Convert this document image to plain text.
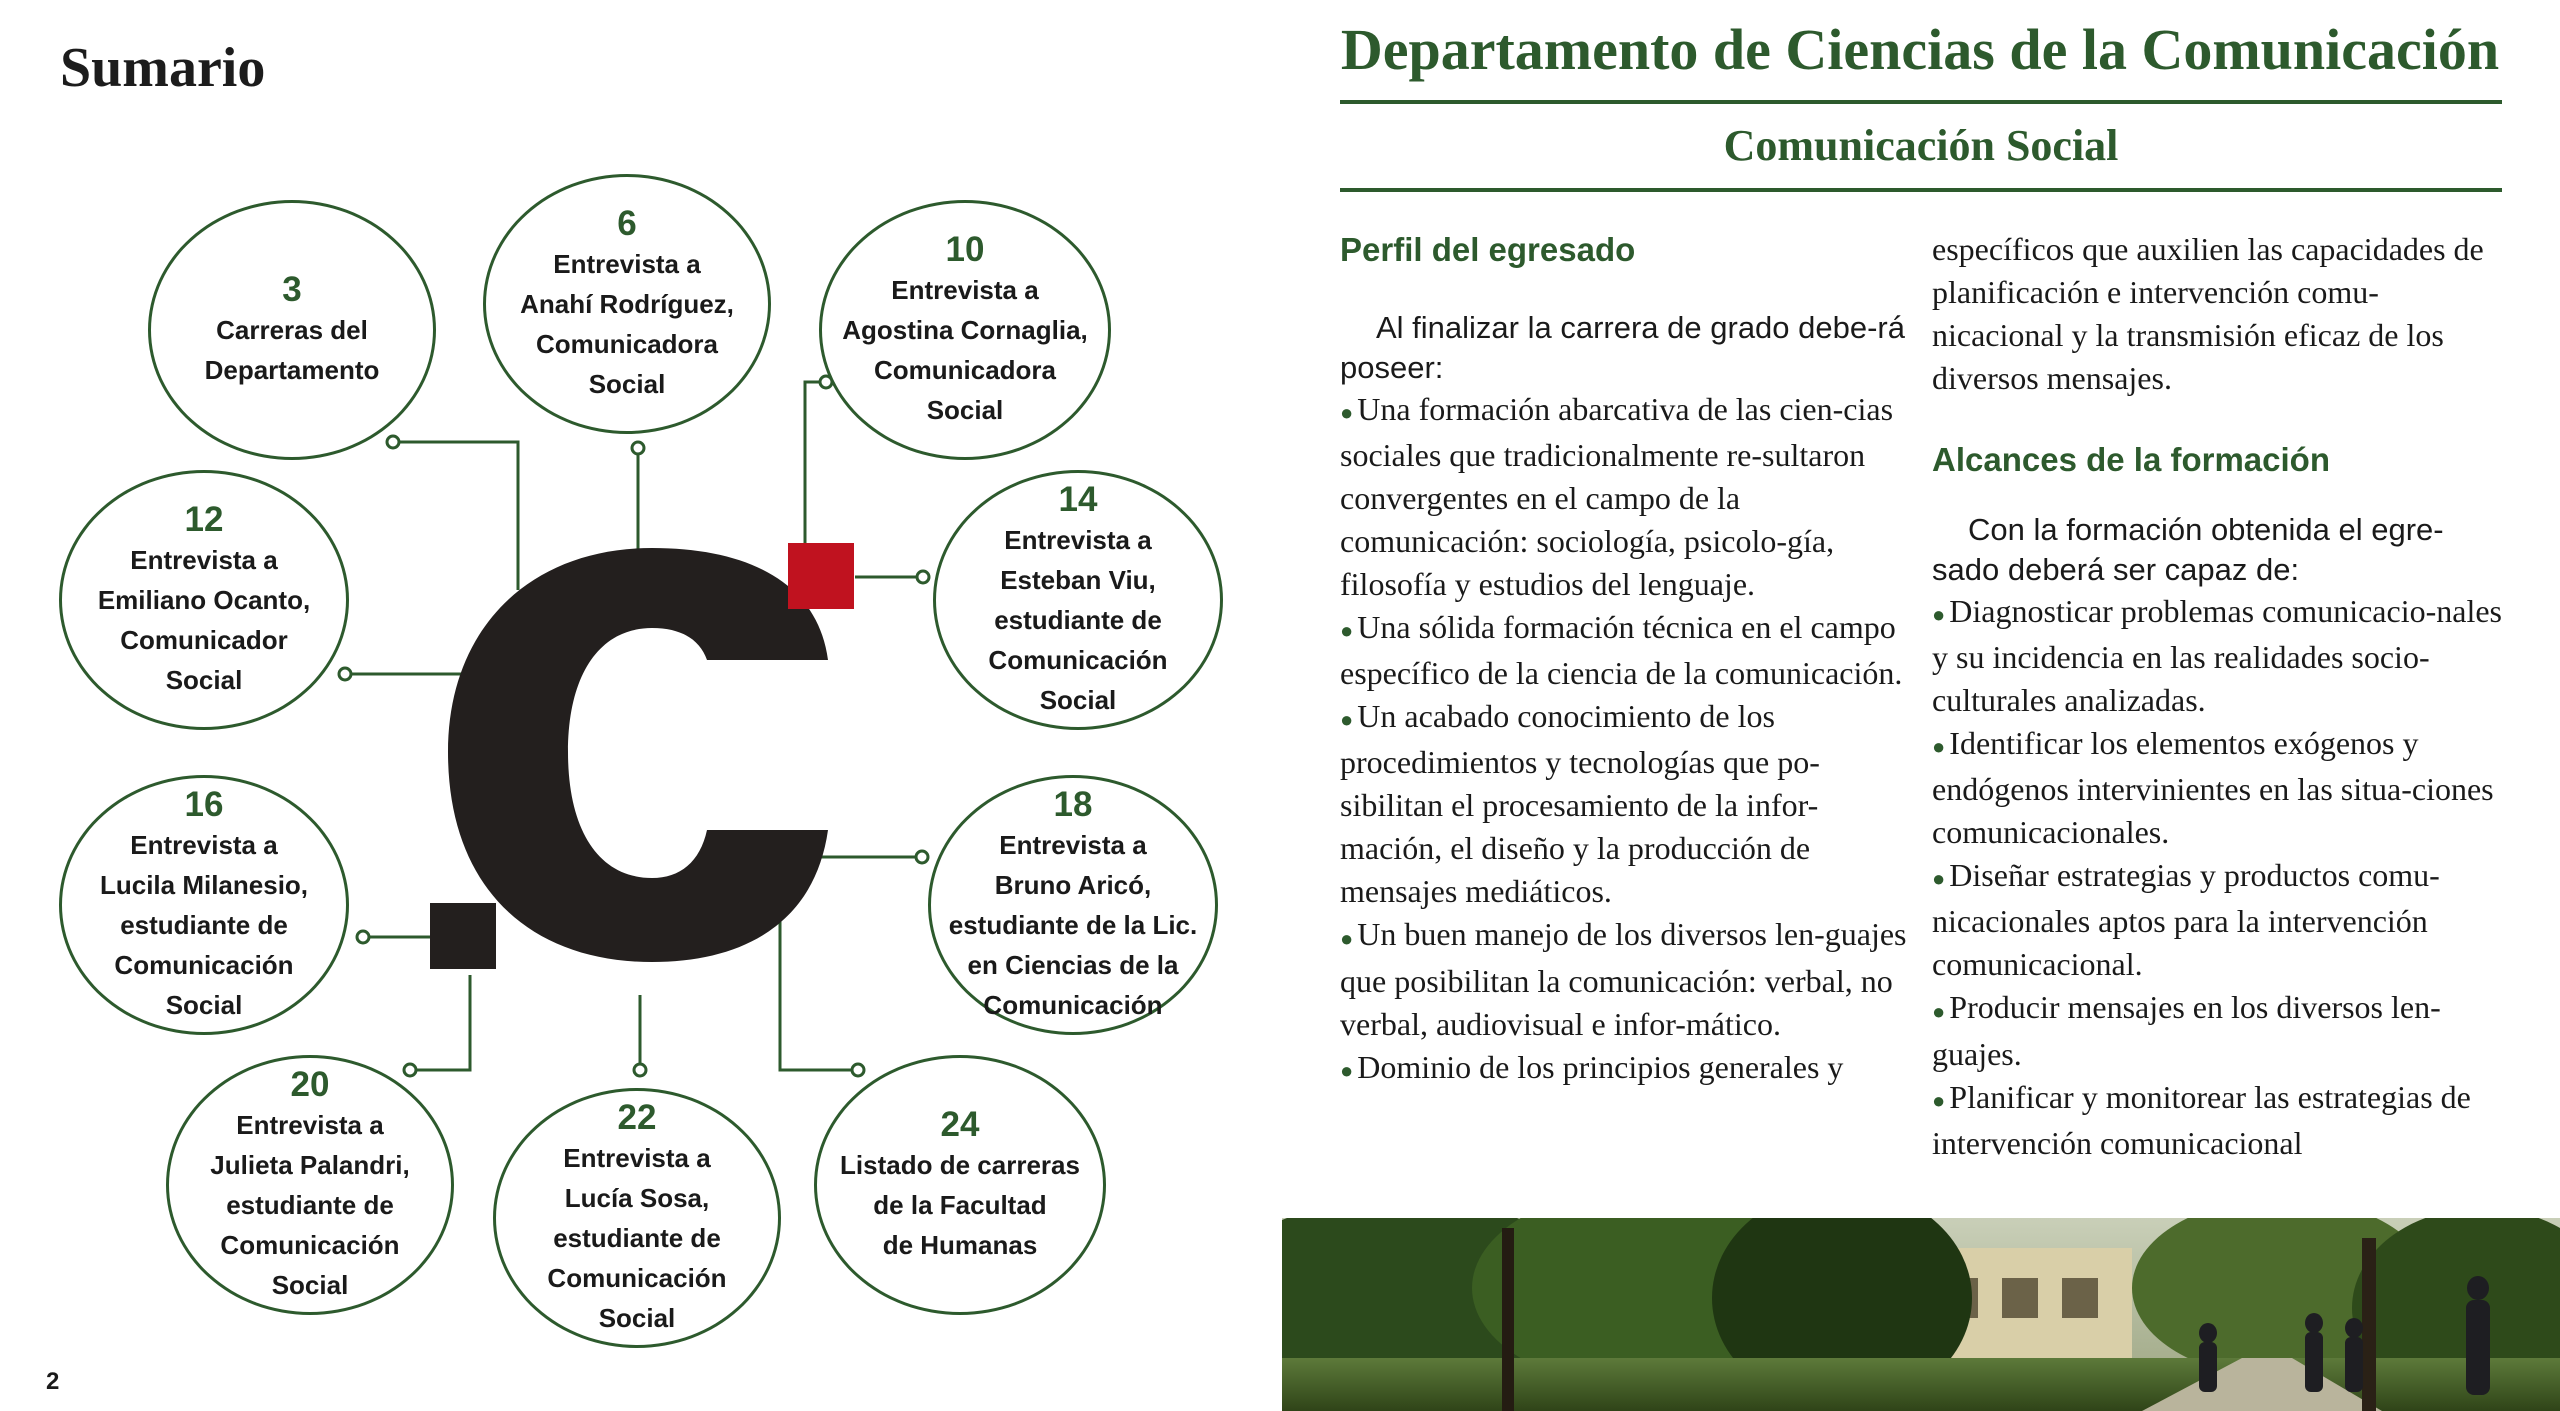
Sumario
3
Carreras del
Departamento
6
Entrevista a
Anahí Rodríguez,
Comunicadora
Social
10
Entrevista a
Agostina Cornaglia,
Comunicadora
Social
12
Entrevista a
Emiliano Ocanto,
Comunicador
Social
14
Entrevista a
Esteban Viu,
estudiante de
Comunicación
Social
16
Entrevista a
Lucila Milanesio,
estudiante de
Comunicación
Social
18
Entrevista a
Bruno Aricó,
estudiante de la Lic.
en Ciencias de la
Comunicación
20
Entrevista a
Julieta Palandri,
estudiante de
Comunicación
Social
22
Entrevista a
Lucía Sosa,
estudiante de
Comunicación
Social
24
Listado de carreras
de la Facultad
de Humanas
2
Departamento de Ciencias de la Comunicación
Comunicación Social
Perfil del egresado

Al finalizar la carrera de grado debe-rá poseer:

● Una formación abarcativa de las cien-cias sociales que tradicionalmente re-sultaron convergentes en el campo de la comunicación: sociología, psicolo-gía, filosofía y estudios del lenguaje.
● Una sólida formación técnica en el campo específico de la ciencia de la comunicación.
● Un acabado conocimiento de los procedimientos y tecnologías que po-sibilitan el procesamiento de la infor-mación, el diseño y la producción de mensajes mediáticos.
● Un buen manejo de los diversos len-guajes que posibilitan la comunicación: verbal, no verbal, audiovisual e infor-mático.
● Dominio de los principios generales y

específicos que auxilien las capacidades de planificación e intervención comu-nicacional y la transmisión eficaz de los diversos mensajes.

Alcances de la formación

Con la formación obtenida el egre-sado deberá ser capaz de:

● Diagnosticar problemas comunicacio-nales y su incidencia en las realidades socio-culturales analizadas.
● Identificar los elementos exógenos y endógenos intervinientes en las situa-ciones comunicacionales.
● Diseñar estrategias y productos comu-nicacionales aptos para la intervención comunicacional.
● Producir mensajes en los diversos len-guajes.
● Planificar y monitorear las estrategias de intervención comunicacional
